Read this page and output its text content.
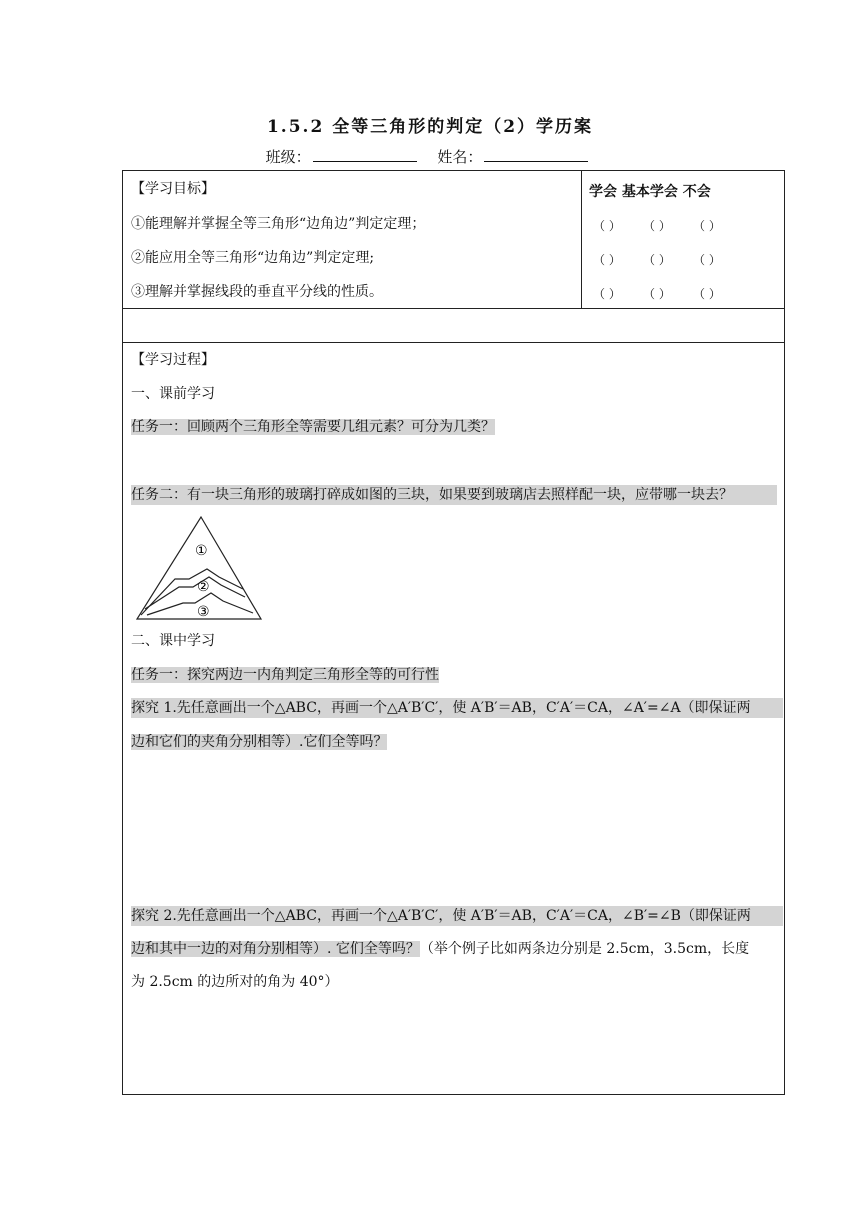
1.5.2 全等三角形的判定（2）学历案
班级：	姓名：
【学习目标】
①能理解并掌握全等三角形“边角边”判定定理；
②能应用全等三角形“边角边”判定定理;
③理解并掌握线段的垂直平分线的性质。
学会 基本学会 不会
（ ） （ ） （ ）
（ ） （ ） （ ）
（ ） （ ） （ ）
【学习过程】
一、课前学习
任务一：回顾两个三角形全等需要几组元素？可分为几类？
任务二：有一块三角形的玻璃打碎成如图的三块，如果要到玻璃店去照样配一块，应带哪一块去？
①
②
③
二、课中学习
任务一：探究两边一内角判定三角形全等的可行性
探究 1.先任意画出一个△ABC，再画一个△A′B′C′，使 A′B′＝AB，C′A′＝CA，∠A′=∠A（即保证两
边和它们的夹角分别相等）.它们全等吗？
探究 2.先任意画出一个△ABC，再画一个△A′B′C′，使 A′B′＝AB，C′A′＝CA，∠B′=∠B（即保证两
边和其中一边的对角分别相等）. 它们全等吗？（举个例子比如两条边分别是 2.5cm，3.5cm，长度
为 2.5cm 的边所对的角为 40°）
